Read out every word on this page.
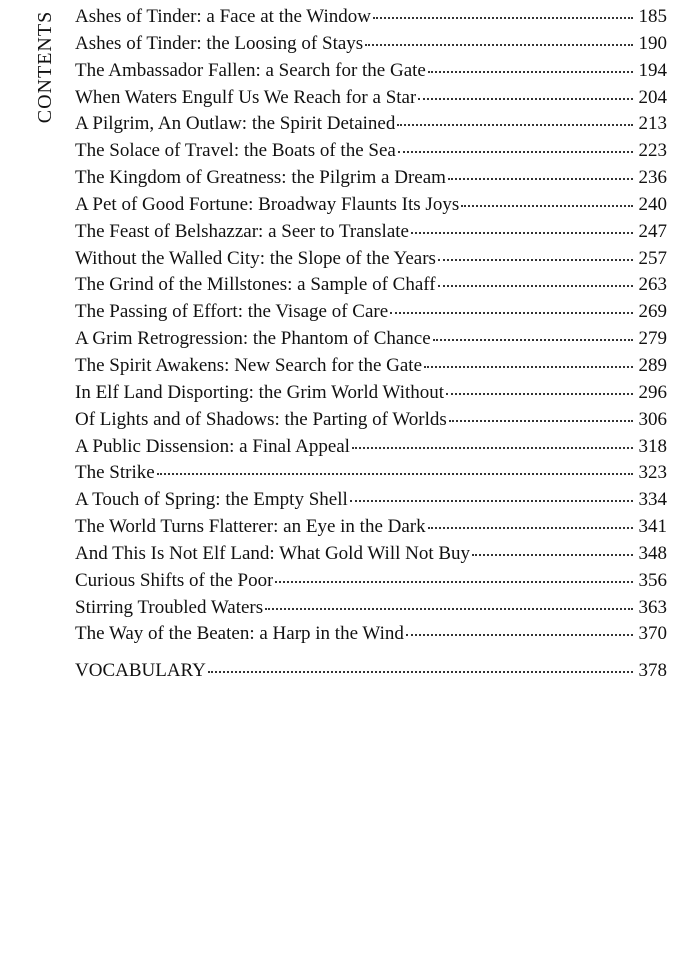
CONTENTS Ashes of Tinder: a Face at the Window	185
Ashes of Tinder: the Loosing of Stays	190
The Ambassador Fallen: a Search for the Gate	194
When Waters Engulf Us We Reach for a Star	204
A Pilgrim, An Outlaw: the Spirit Detained	213
The Solace of Travel: the Boats of the Sea	223
The Kingdom of Greatness: the Pilgrim a Dream	236
A Pet of Good Fortune: Broadway Flaunts Its Joys	240
The Feast of Belshazzar: a Seer to Translate	247
Without the Walled City: the Slope of the Years	257
The Grind of the Millstones: a Sample of Chaff	263
The Passing of Effort: the Visage of Care	269
A Grim Retrogression: the Phantom of Chance	279
The Spirit Awakens: New Search for the Gate	289
In Elf Land Disporting: the Grim World Without	296
Of Lights and of Shadows: the Parting of Worlds	306
A Public Dissension: a Final Appeal	318
The Strike	323
A Touch of Spring: the Empty Shell	334
The World Turns Flatterer: an Eye in the Dark	341
And This Is Not Elf Land: What Gold Will Not Buy	348
Curious Shifts of the Poor	356
Stirring Troubled Waters	363
The Way of the Beaten: a Harp in the Wind	370
VOCABULARY	378
